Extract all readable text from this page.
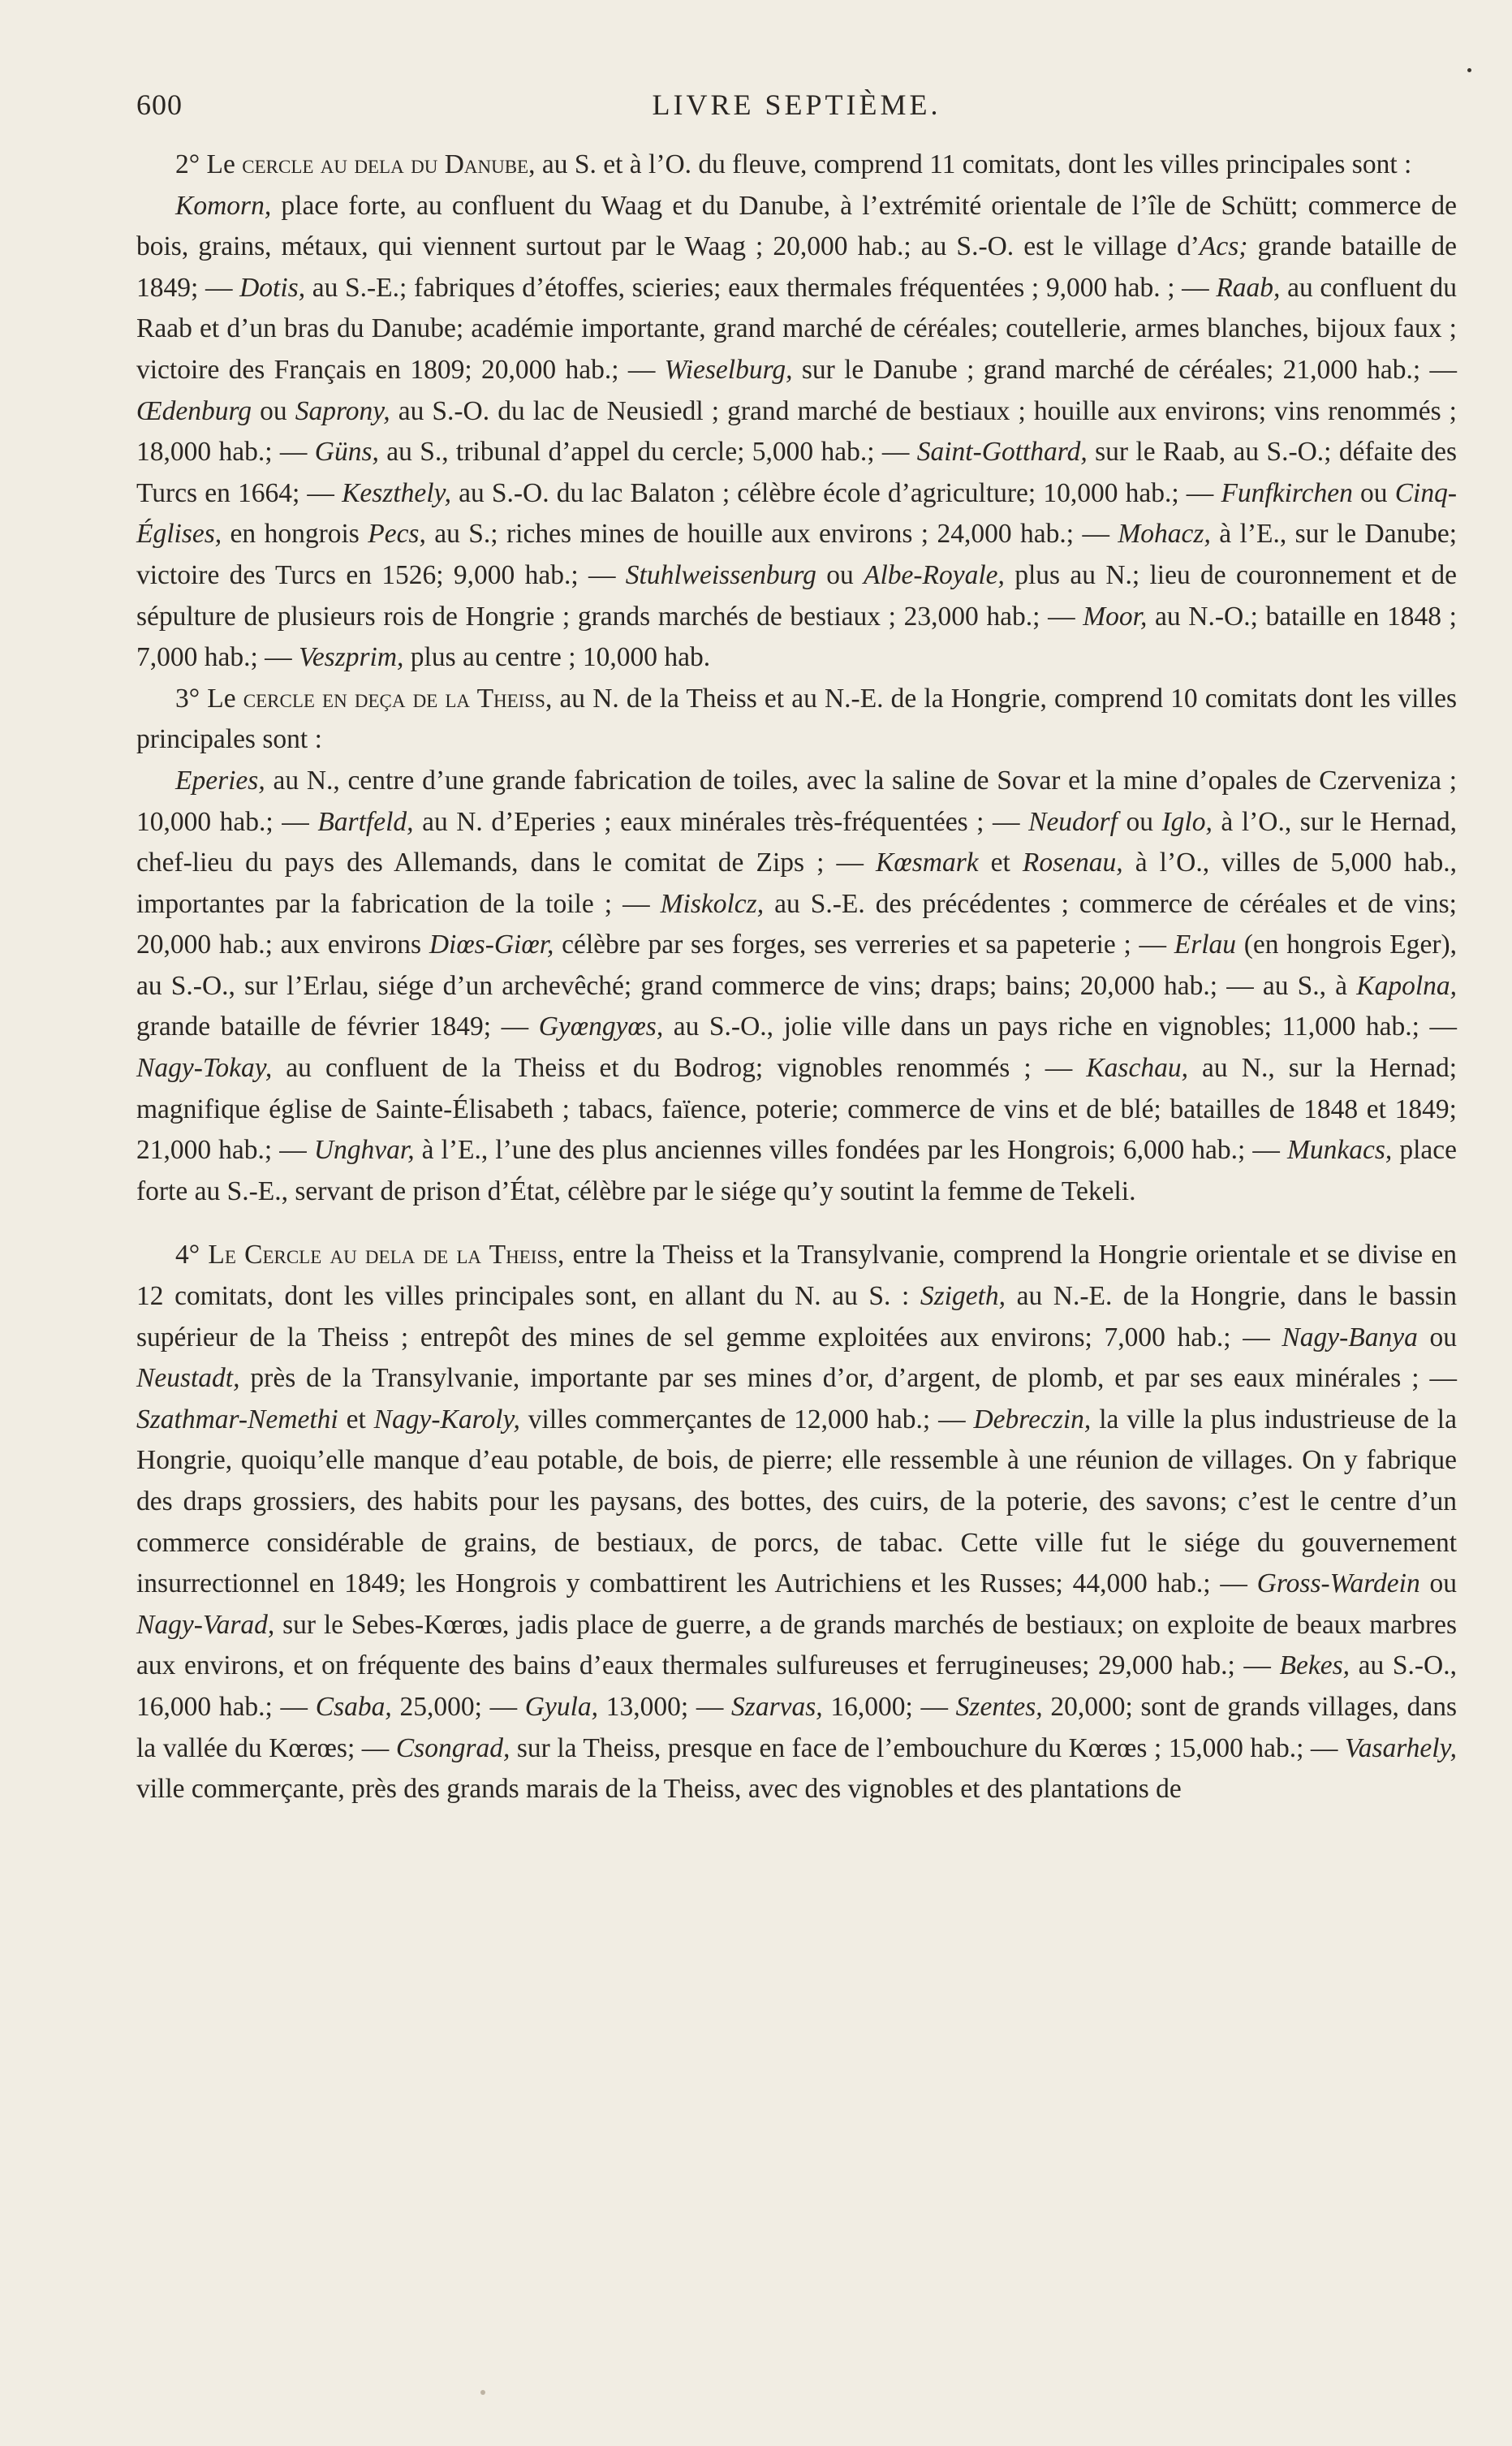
600	LIVRE SEPTIÈME.

2° Le cercle au dela du Danube, au S. et à l’O. du fleuve, comprend 11 comitats, dont les villes principales sont :

Komorn, place forte, au confluent du Waag et du Danube, à l’extrémité orientale de l’île de Schütt; commerce de bois, grains, métaux, qui viennent surtout par le Waag ; 20,000 hab.; au S.-O. est le village d’Acs; grande bataille de 1849; — Dotis, au S.-E.; fabriques d’étoffes, scieries; eaux thermales fréquentées ; 9,000 hab. ; — Raab, au confluent du Raab et d’un bras du Danube; académie importante, grand marché de céréales; coutellerie, armes blanches, bijoux faux ; victoire des Français en 1809; 20,000 hab.; — Wieselburg, sur le Danube ; grand marché de céréales; 21,000 hab.; — Œdenburg ou Saprony, au S.-O. du lac de Neusiedl ; grand marché de bestiaux ; houille aux environs; vins renommés ; 18,000 hab.; — Güns, au S., tribunal d’appel du cercle; 5,000 hab.; — Saint-Gotthard, sur le Raab, au S.-O.; défaite des Turcs en 1664; — Keszthely, au S.-O. du lac Balaton ; célèbre école d’agriculture; 10,000 hab.; — Funfkirchen ou Cinq-Églises, en hongrois Pecs, au S.; riches mines de houille aux environs ; 24,000 hab.; — Mohacz, à l’E., sur le Danube; victoire des Turcs en 1526; 9,000 hab.; — Stuhlweissenburg ou Albe-Royale, plus au N.; lieu de couronnement et de sépulture de plusieurs rois de Hongrie ; grands marchés de bestiaux ; 23,000 hab.; — Moor, au N.-O.; bataille en 1848 ; 7,000 hab.; — Veszprim, plus au centre ; 10,000 hab.

3° Le cercle en deça de la Theiss, au N. de la Theiss et au N.-E. de la Hongrie, comprend 10 comitats dont les villes principales sont :

Eperies, au N., centre d’une grande fabrication de toiles, avec la saline de Sovar et la mine d’opales de Czerveniza ; 10,000 hab.; — Bartfeld, au N. d’Eperies ; eaux minérales très-fréquentées ; — Neudorf ou Iglo, à l’O., sur le Hernad, chef-lieu du pays des Allemands, dans le comitat de Zips ; — Kœsmark et Rosenau, à l’O., villes de 5,000 hab., importantes par la fabrication de la toile ; — Miskolcz, au S.-E. des précédentes ; commerce de céréales et de vins; 20,000 hab.; aux environs Diœs-Giœr, célèbre par ses forges, ses verreries et sa papeterie ; — Erlau (en hongrois Eger), au S.-O., sur l’Erlau, siége d’un archevêché; grand commerce de vins; draps; bains; 20,000 hab.; — au S., à Kapolna, grande bataille de février 1849; — Gyœngyœs, au S.-O., jolie ville dans un pays riche en vignobles; 11,000 hab.; — Nagy-Tokay, au confluent de la Theiss et du Bodrog; vignobles renommés ; — Kaschau, au N., sur la Hernad; magnifique église de Sainte-Élisabeth ; tabacs, faïence, poterie; commerce de vins et de blé; batailles de 1848 et 1849; 21,000 hab.; — Unghvar, à l’E., l’une des plus anciennes villes fondées par les Hongrois; 6,000 hab.; — Munkacs, place forte au S.-E., servant de prison d’État, célèbre par le siége qu’y soutint la femme de Tekeli.

4° Le Cercle au dela de la Theiss, entre la Theiss et la Transylvanie, comprend la Hongrie orientale et se divise en 12 comitats, dont les villes principales sont, en allant du N. au S. : Szigeth, au N.-E. de la Hongrie, dans le bassin supérieur de la Theiss ; entrepôt des mines de sel gemme exploitées aux environs; 7,000 hab.; — Nagy-Banya ou Neustadt, près de la Transylvanie, importante par ses mines d’or, d’argent, de plomb, et par ses eaux minérales ; — Szathmar-Nemethi et Nagy-Karoly, villes commerçantes de 12,000 hab.; — Debreczin, la ville la plus industrieuse de la Hongrie, quoiqu’elle manque d’eau potable, de bois, de pierre; elle ressemble à une réunion de villages. On y fabrique des draps grossiers, des habits pour les paysans, des bottes, des cuirs, de la poterie, des savons; c’est le centre d’un commerce considérable de grains, de bestiaux, de porcs, de tabac. Cette ville fut le siége du gouvernement insurrectionnel en 1849; les Hongrois y combattirent les Autrichiens et les Russes; 44,000 hab.; — Gross-Wardein ou Nagy-Varad, sur le Sebes-Kœrœs, jadis place de guerre, a de grands marchés de bestiaux; on exploite de beaux marbres aux environs, et on fréquente des bains d’eaux thermales sulfureuses et ferrugineuses; 29,000 hab.; — Bekes, au S.-O., 16,000 hab.; — Csaba, 25,000; — Gyula, 13,000; — Szarvas, 16,000; — Szentes, 20,000; sont de grands villages, dans la vallée du Kœrœs; — Csongrad, sur la Theiss, presque en face de l’embouchure du Kœrœs ; 15,000 hab.; — Vasarhely, ville commerçante, près des grands marais de la Theiss, avec des vignobles et des plantations de
